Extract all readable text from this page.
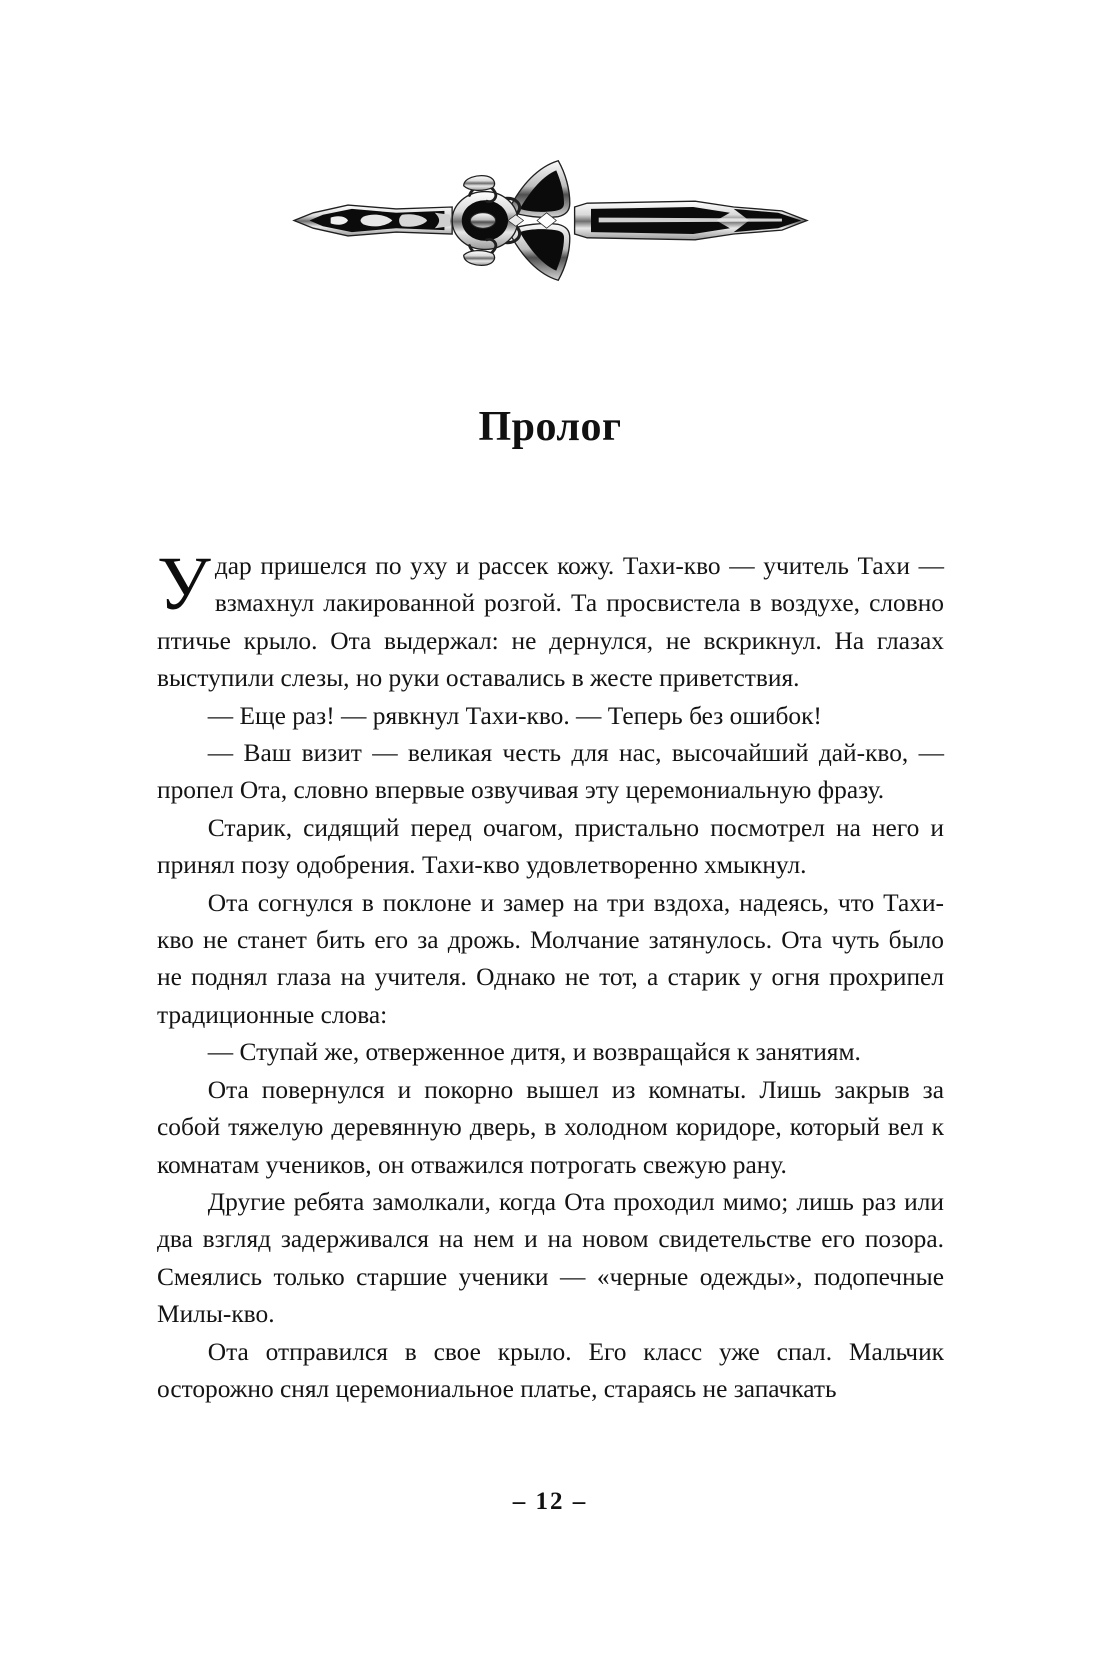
Пролог

Удар пришелся по уху и рассек кожу. Тахи-кво — учитель Тахи — взмахнул лакированной розгой. Та просвистела в воздухе, словно птичье крыло. Ота выдержал: не дернулся, не вскрикнул. На глазах выступили слезы, но руки оставались в жесте приветствия.

— Еще раз! — рявкнул Тахи-кво. — Теперь без ошибок!

— Ваш визит — великая честь для нас, высочайший дай-кво, — пропел Ота, словно впервые озвучивая эту церемониальную фразу.

Старик, сидящий перед очагом, пристально посмотрел на него и принял позу одобрения. Тахи-кво удовлетворенно хмыкнул.

Ота согнулся в поклоне и замер на три вздоха, надеясь, что Тахи-кво не станет бить его за дрожь. Молчание затянулось. Ота чуть было не поднял глаза на учителя. Однако не тот, а старик у огня прохрипел традиционные слова:

— Ступай же, отверженное дитя, и возвращайся к занятиям.

Ота повернулся и покорно вышел из комнаты. Лишь закрыв за собой тяжелую деревянную дверь, в холодном коридоре, который вел к комнатам учеников, он отважился потрогать свежую рану.

Другие ребята замолкали, когда Ота проходил мимо; лишь раз или два взгляд задерживался на нем и на новом свидетельстве его позора. Смеялись только старшие ученики — «черные одежды», подопечные Милы-кво.

Ота отправился в свое крыло. Его класс уже спал. Мальчик осторожно снял церемониальное платье, стараясь не запачкать

– 12 –
